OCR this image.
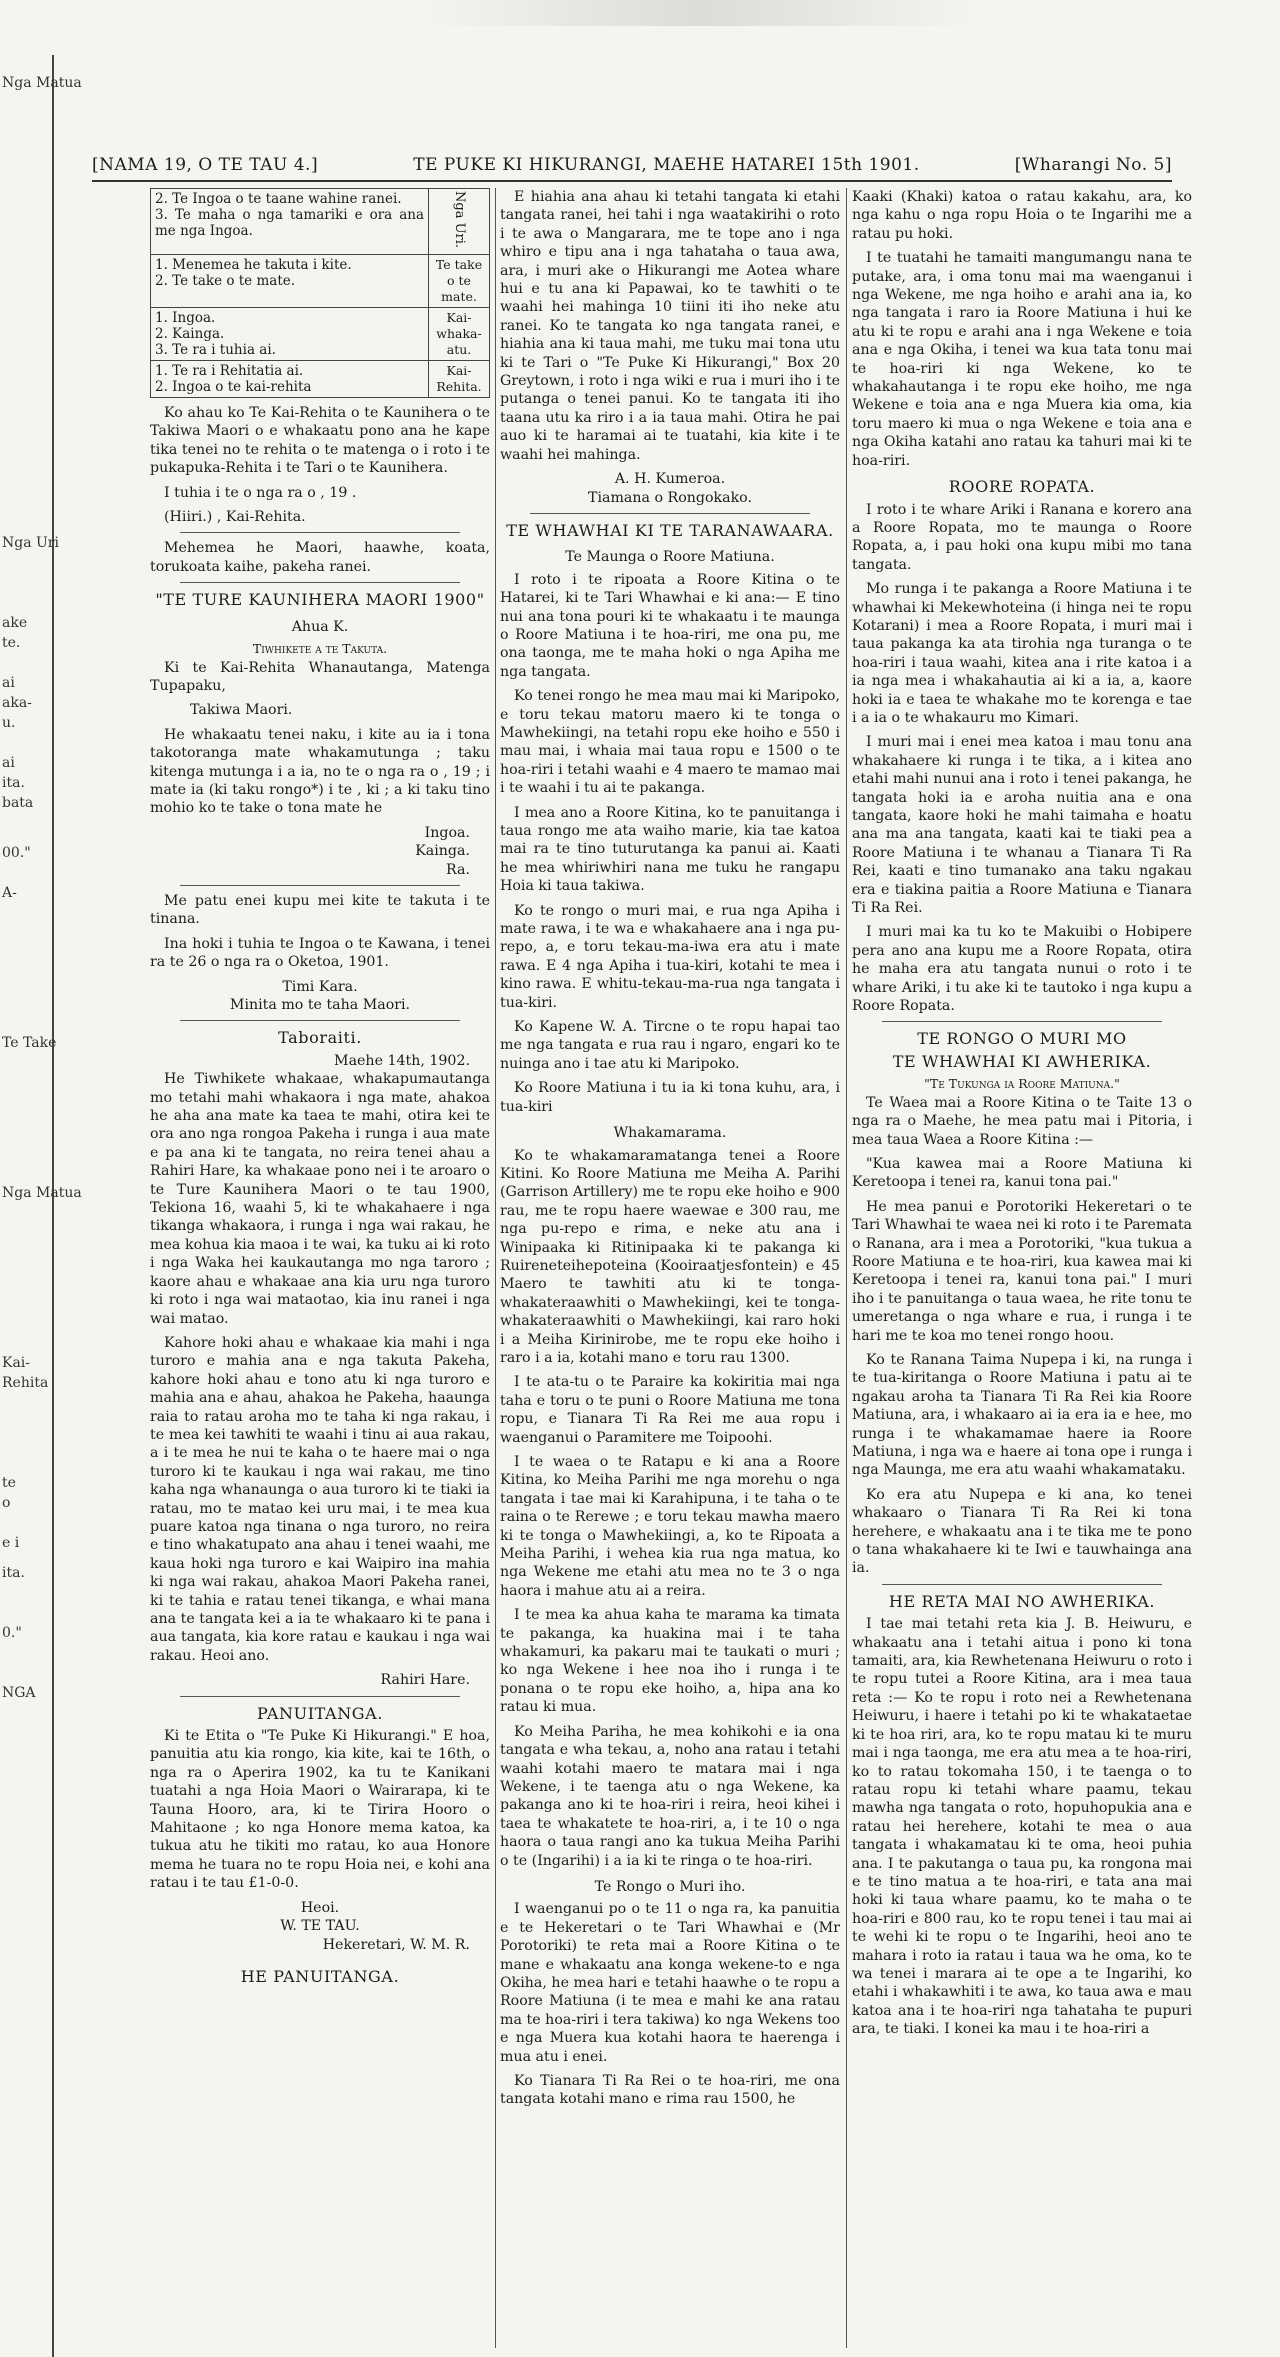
Nga Matua
Nga Uri
ake
te.
ai
aka-
u.
ai
ita.
bata
00."
A-
Te Take
Nga Matua
Kai-
Rehita
te
o
e i
ita.
0."
NGA
[NAMA 19, O TE TAU 4.]	TE PUKE KI HIKURANGI, MAEHE HATAREI 15th 1901.	[Wharangi No. 5]
2. Te Ingoa o te taane wahine ranei.
3. Te maha o nga tamariki e ora ana me nga Ingoa.	Nga Uri.

1. Menemea he takuta i kite.
2. Te take o te mate.	Te take o te mate.

1. Ingoa.
2. Kainga.
3. Te ra i tuhia ai.	Kai-whaka-atu.

1. Te ra i Rehitatia ai.
2. Ingoa o te kai-rehita	Kai-Rehita.

Ko ahau ko Te Kai-Rehita o te Kaunihera o te Takiwa Maori o e whakaatu pono ana he kape tika tenei no te rehita o te matenga o i roto i te pukapuka-Rehita i te Tari o te Kaunihera.

I tuhia i te o nga ra o , 19 .

(Hiiri.) , Kai-Rehita.

Mehemea he Maori, haawhe, koata, torukoata kaihe, pakeha ranei.

"TE TURE KAUNIHERA MAORI 1900"
Ahua K.
Tiwhikete a te Takuta.

Ki te Kai-Rehita Whanautanga, Matenga Tupapaku,

Takiwa Maori.

He whakaatu tenei naku, i kite au ia i tona takotoranga mate whakamutunga ; taku kitenga mutunga i a ia, no te o nga ra o , 19 ; i mate ia (ki taku rongo*) i te , ki ; a ki taku tino mohio ko te take o tona mate he

Ingoa.
Kainga.
Ra.

Me patu enei kupu mei kite te takuta i te tinana.

Ina hoki i tuhia te Ingoa o te Kawana, i tenei ra te 26 o nga ra o Oketoa, 1901.

Timi Kara.
Minita mo te taha Maori.
Taboraiti.
Maehe 14th, 1902.

He Tiwhikete whakaae, whakapumautanga mo tetahi mahi whakaora i nga mate, ahakoa he aha ana mate ka taea te mahi, otira kei te ora ano nga rongoa Pakeha i runga i aua mate e pa ana ki te tangata, no reira tenei ahau a Rahiri Hare, ka whakaae pono nei i te aroaro o te Ture Kaunihera Maori o te tau 1900, Tekiona 16, waahi 5, ki te whakahaere i nga tikanga whakaora, i runga i nga wai rakau, he mea kohua kia maoa i te wai, ka tuku ai ki roto i nga Waka hei kaukautanga mo nga taroro ; kaore ahau e whakaae ana kia uru nga turoro ki roto i nga wai mataotao, kia inu ranei i nga wai matao.

Kahore hoki ahau e whakaae kia mahi i nga turoro e mahia ana e nga takuta Pakeha, kahore hoki ahau e tono atu ki nga turoro e mahia ana e ahau, ahakoa he Pakeha, haaunga raia to ratau aroha mo te taha ki nga rakau, i te mea kei tawhiti te waahi i tinu ai aua rakau, a i te mea he nui te kaha o te haere mai o nga turoro ki te kaukau i nga wai rakau, me tino kaha nga whanaunga o aua turoro ki te tiaki ia ratau, mo te matao kei uru mai, i te mea kua puare katoa nga tinana o nga turoro, no reira e tino whakatupato ana ahau i tenei waahi, me kaua hoki nga turoro e kai Waipiro ina mahia ki nga wai rakau, ahakoa Maori Pakeha ranei, ki te tahia e ratau tenei tikanga, e whai mana ana te tangata kei a ia te whakaaro ki te pana i aua tangata, kia kore ratau e kaukau i nga wai rakau. Heoi ano.

Rahiri Hare.
PANUITANGA.

Ki te Etita o "Te Puke Ki Hikurangi." E hoa, panuitia atu kia rongo, kia kite, kai te 16th, o nga ra o Aperira 1902, ka tu te Kanikani tuatahi a nga Hoia Maori o Wairarapa, ki te Tauna Hooro, ara, ki te Tirira Hooro o Mahitaone ; ko nga Honore mema katoa, ka tukua atu he tikiti mo ratau, ko aua Honore mema he tuara no te ropu Hoia nei, e kohi ana ratau i te tau £1-0-0.

Heoi.
W. TE TAU.
Hekeretari, W. M. R.
HE PANUITANGA.

E hiahia ana ahau ki tetahi tangata ki etahi tangata ranei, hei tahi i nga waatakirihi o roto i te awa o Mangarara, me te tope ano i nga whiro e tipu ana i nga tahataha o taua awa, ara, i muri ake o Hikurangi me Aotea whare hui e tu ana ki Papawai, ko te tawhiti o te waahi hei mahinga 10 tiini iti iho neke atu ranei. Ko te tangata ko nga tangata ranei, e hiahia ana ki taua mahi, me tuku mai tona utu ki te Tari o "Te Puke Ki Hikurangi," Box 20 Greytown, i roto i nga wiki e rua i muri iho i te putanga o tenei panui. Ko te tangata iti iho taana utu ka riro i a ia taua mahi. Otira he pai auo ki te haramai ai te tuatahi, kia kite i te waahi hei mahinga.

A. H. Kumeroa.
Tiamana o Rongokako.
TE WHAWHAI KI TE TARANAWAARA.
Te Maunga o Roore Matiuna.

I roto i te ripoata a Roore Kitina o te Hatarei, ki te Tari Whawhai e ki ana:— E tino nui ana tona pouri ki te whakaatu i te maunga o Roore Matiuna i te hoa-riri, me ona pu, me ona taonga, me te maha hoki o nga Apiha me nga tangata.

Ko tenei rongo he mea mau mai ki Maripoko, e toru tekau matoru maero ki te tonga o Mawhekiingi, na tetahi ropu eke hoiho e 550 i mau mai, i whaia mai taua ropu e 1500 o te hoa-riri i tetahi waahi e 4 maero te mamao mai i te waahi i tu ai te pakanga.

I mea ano a Roore Kitina, ko te panuitanga i taua rongo me ata waiho marie, kia tae katoa mai ra te tino tuturutanga ka panui ai. Kaati he mea whiriwhiri nana me tuku he rangapu Hoia ki taua takiwa.

Ko te rongo o muri mai, e rua nga Apiha i mate rawa, i te wa e whakahaere ana i nga pu-repo, a, e toru tekau-ma-iwa era atu i mate rawa. E 4 nga Apiha i tua-kiri, kotahi te mea i kino rawa. E whitu-tekau-ma-rua nga tangata i tua-kiri.

Ko Kapene W. A. Tircne o te ropu hapai tao me nga tangata e rua rau i ngaro, engari ko te nuinga ano i tae atu ki Maripoko.

Ko Roore Matiuna i tu ia ki tona kuhu, ara, i tua-kiri

Whakamarama.

Ko te whakamaramatanga tenei a Roore Kitini. Ko Roore Matiuna me Meiha A. Parihi (Garrison Artillery) me te ropu eke hoiho e 900 rau, me te ropu haere waewae e 300 rau, me nga pu-repo e rima, e neke atu ana i Winipaaka ki Ritinipaaka ki te pakanga ki Ruireneteihepoteina (Kooiraatjesfontein) e 45 Maero te tawhiti atu ki te tonga-whakateraawhiti o Mawhekiingi, kei te tonga-whakateraawhiti o Mawhekiingi, kai raro hoki i a Meiha Kirinirobe, me te ropu eke hoiho i raro i a ia, kotahi mano e toru rau 1300.

I te ata-tu o te Paraire ka kokiritia mai nga taha e toru o te puni o Roore Matiuna me tona ropu, e Tianara Ti Ra Rei me aua ropu i waenganui o Paramitere me Toipoohi.

I te waea o te Ratapu e ki ana a Roore Kitina, ko Meiha Parihi me nga morehu o nga tangata i tae mai ki Karahipuna, i te taha o te raina o te Rerewe ; e toru tekau mawha maero ki te tonga o Mawhekiingi, a, ko te Ripoata a Meiha Parihi, i wehea kia rua nga matua, ko nga Wekene me etahi atu mea no te 3 o nga haora i mahue atu ai a reira.

I te mea ka ahua kaha te marama ka timata te pakanga, ka huakina mai i te taha whakamuri, ka pakaru mai te taukati o muri ; ko nga Wekene i hee noa iho i runga i te ponana o te ropu eke hoiho, a, hipa ana ko ratau ki mua.

Ko Meiha Pariha, he mea kohikohi e ia ona tangata e wha tekau, a, noho ana ratau i tetahi waahi kotahi maero te matara mai i nga Wekene, i te taenga atu o nga Wekene, ka pakanga ano ki te hoa-riri i reira, heoi kihei i taea te whakatete te hoa-riri, a, i te 10 o nga haora o taua rangi ano ka tukua Meiha Parihi o te (Ingarihi) i a ia ki te ringa o te hoa-riri.

Te Rongo o Muri iho.

I waenganui po o te 11 o nga ra, ka panuitia e te Hekeretari o te Tari Whawhai e (Mr Porotoriki) te reta mai a Roore Kitina o te mane e whakaatu ana konga wekene-to e nga Okiha, he mea hari e tetahi haawhe o te ropu a Roore Matiuna (i te mea e mahi ke ana ratau ma te hoa-riri i tera takiwa) ko nga Wekens too e nga Muera kua kotahi haora te haerenga i mua atu i enei.

Ko Tianara Ti Ra Rei o te hoa-riri, me ona tangata kotahi mano e rima rau 1500, he

Kaaki (Khaki) katoa o ratau kakahu, ara, ko nga kahu o nga ropu Hoia o te Ingarihi me a ratau pu hoki.

I te tuatahi he tamaiti mangumangu nana te putake, ara, i oma tonu mai ma waenganui i nga Wekene, me nga hoiho e arahi ana ia, ko nga tangata i raro ia Roore Matiuna i hui ke atu ki te ropu e arahi ana i nga Wekene e toia ana e nga Okiha, i tenei wa kua tata tonu mai te hoa-riri ki nga Wekene, ko te whakahautanga i te ropu eke hoiho, me nga Wekene e toia ana e nga Muera kia oma, kia toru maero ki mua o nga Wekene e toia ana e nga Okiha katahi ano ratau ka tahuri mai ki te hoa-riri.

ROORE ROPATA.

I roto i te whare Ariki i Ranana e korero ana a Roore Ropata, mo te maunga o Roore Ropata, a, i pau hoki ona kupu mibi mo tana tangata.

Mo runga i te pakanga a Roore Matiuna i te whawhai ki Mekewhoteina (i hinga nei te ropu Kotarani) i mea a Roore Ropata, i muri mai i taua pakanga ka ata tirohia nga turanga o te hoa-riri i taua waahi, kitea ana i rite katoa i a ia nga mea i whakahautia ai ki a ia, a, kaore hoki ia e taea te whakahe mo te korenga e tae i a ia o te whakauru mo Kimari.

I muri mai i enei mea katoa i mau tonu ana whakahaere ki runga i te tika, a i kitea ano etahi mahi nunui ana i roto i tenei pakanga, he tangata hoki ia e aroha nuitia ana e ona tangata, kaore hoki he mahi taimaha e hoatu ana ma ana tangata, kaati kai te tiaki pea a Roore Matiuna i te whanau a Tianara Ti Ra Rei, kaati e tino tumanako ana taku ngakau era e tiakina paitia a Roore Matiuna e Tianara Ti Ra Rei.

I muri mai ka tu ko te Makuibi o Hobipere pera ano ana kupu me a Roore Ropata, otira he maha era atu tangata nunui o roto i te whare Ariki, i tu ake ki te tautoko i nga kupu a Roore Ropata.

TE RONGO O MURI MO
TE WHAWHAI KI AWHERIKA.
"Te Tukunga ia Roore Matiuna."

Te Waea mai a Roore Kitina o te Taite 13 o nga ra o Maehe, he mea patu mai i Pitoria, i mea taua Waea a Roore Kitina :—

"Kua kawea mai a Roore Matiuna ki Keretoopa i tenei ra, kanui tona pai."

He mea panui e Porotoriki Hekeretari o te Tari Whawhai te waea nei ki roto i te Paremata o Ranana, ara i mea a Porotoriki, "kua tukua a Roore Matiuna e te hoa-riri, kua kawea mai ki Keretoopa i tenei ra, kanui tona pai." I muri iho i te panuitanga o taua waea, he rite tonu te umeretanga o nga whare e rua, i runga i te hari me te koa mo tenei rongo hoou.

Ko te Ranana Taima Nupepa i ki, na runga i te tua-kiritanga o Roore Matiuna i patu ai te ngakau aroha ta Tianara Ti Ra Rei kia Roore Matiuna, ara, i whakaaro ai ia era ia e hee, mo runga i te whakamamae haere ia Roore Matiuna, i nga wa e haere ai tona ope i runga i nga Maunga, me era atu waahi whakamataku.

Ko era atu Nupepa e ki ana, ko tenei whakaaro o Tianara Ti Ra Rei ki tona herehere, e whakaatu ana i te tika me te pono o tana whakahaere ki te Iwi e tauwhainga ana ia.

HE RETA MAI NO AWHERIKA.

I tae mai tetahi reta kia J. B. Heiwuru, e whakaatu ana i tetahi aitua i pono ki tona tamaiti, ara, kia Rewhetenana Heiwuru o roto i te ropu tutei a Roore Kitina, ara i mea taua reta :— Ko te ropu i roto nei a Rewhetenana Heiwuru, i haere i tetahi po ki te whakataetae ki te hoa riri, ara, ko te ropu matau ki te muru mai i nga taonga, me era atu mea a te hoa-riri, ko to ratau tokomaha 150, i te taenga o to ratau ropu ki tetahi whare paamu, tekau mawha nga tangata o roto, hopuhopukia ana e ratau hei herehere, kotahi te mea o aua tangata i whakamatau ki te oma, heoi puhia ana. I te pakutanga o taua pu, ka rongona mai e te tino matua a te hoa-riri, e tata ana mai hoki ki taua whare paamu, ko te maha o te hoa-riri e 800 rau, ko te ropu tenei i tau mai ai te wehi ki te ropu o te Ingarihi, heoi ano te mahara i roto ia ratau i taua wa he oma, ko te wa tenei i marara ai te ope a te Ingarihi, ko etahi i whakawhiti i te awa, ko taua awa e mau katoa ana i te hoa-riri nga tahataha te pupuri ara, te tiaki. I konei ka mau i te hoa-riri a
